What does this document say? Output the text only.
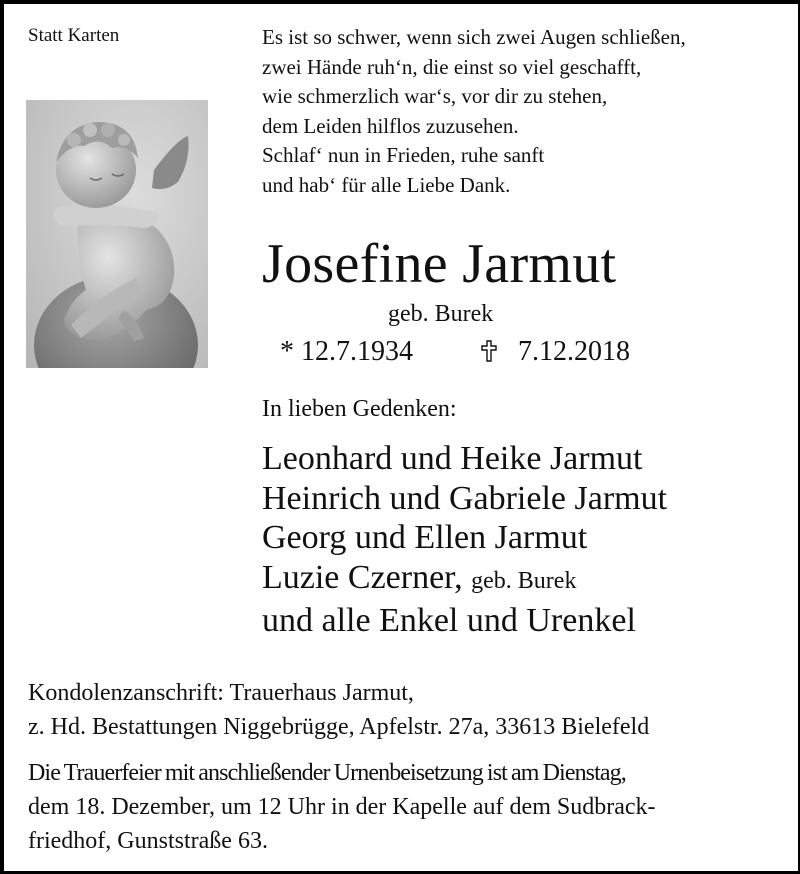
Statt Karten	Es ist so schwer, wenn sich zwei Augen schließen,
zwei Hände ruh‘n, die einst so viel geschafft,
wie schmerzlich war‘s, vor dir zu stehen,
dem Leiden hilflos zuzusehen.
Schlaf‘ nun in Frieden, ruhe sanft
und hab‘ für alle Liebe Dank.
Josefine Jarmut
geb. Burek
* 12.7.1934	7.12.2018
In lieben Gedenken:
Leonhard und Heike Jarmut
Heinrich und Gabriele Jarmut
Georg und Ellen Jarmut
Luzie Czerner, geb. Burek
und alle Enkel und Urenkel
Kondolenzanschrift: Trauerhaus Jarmut,
z. Hd. Bestattungen Niggebrügge, Apfelstr. 27a, 33613 Bielefeld
Die Trauerfeier mit anschließender Urnenbeisetzung ist am Dienstag,
dem 18. Dezember, um 12 Uhr in der Kapelle auf dem Sudbrack-
friedhof, Gunststraße 63.
